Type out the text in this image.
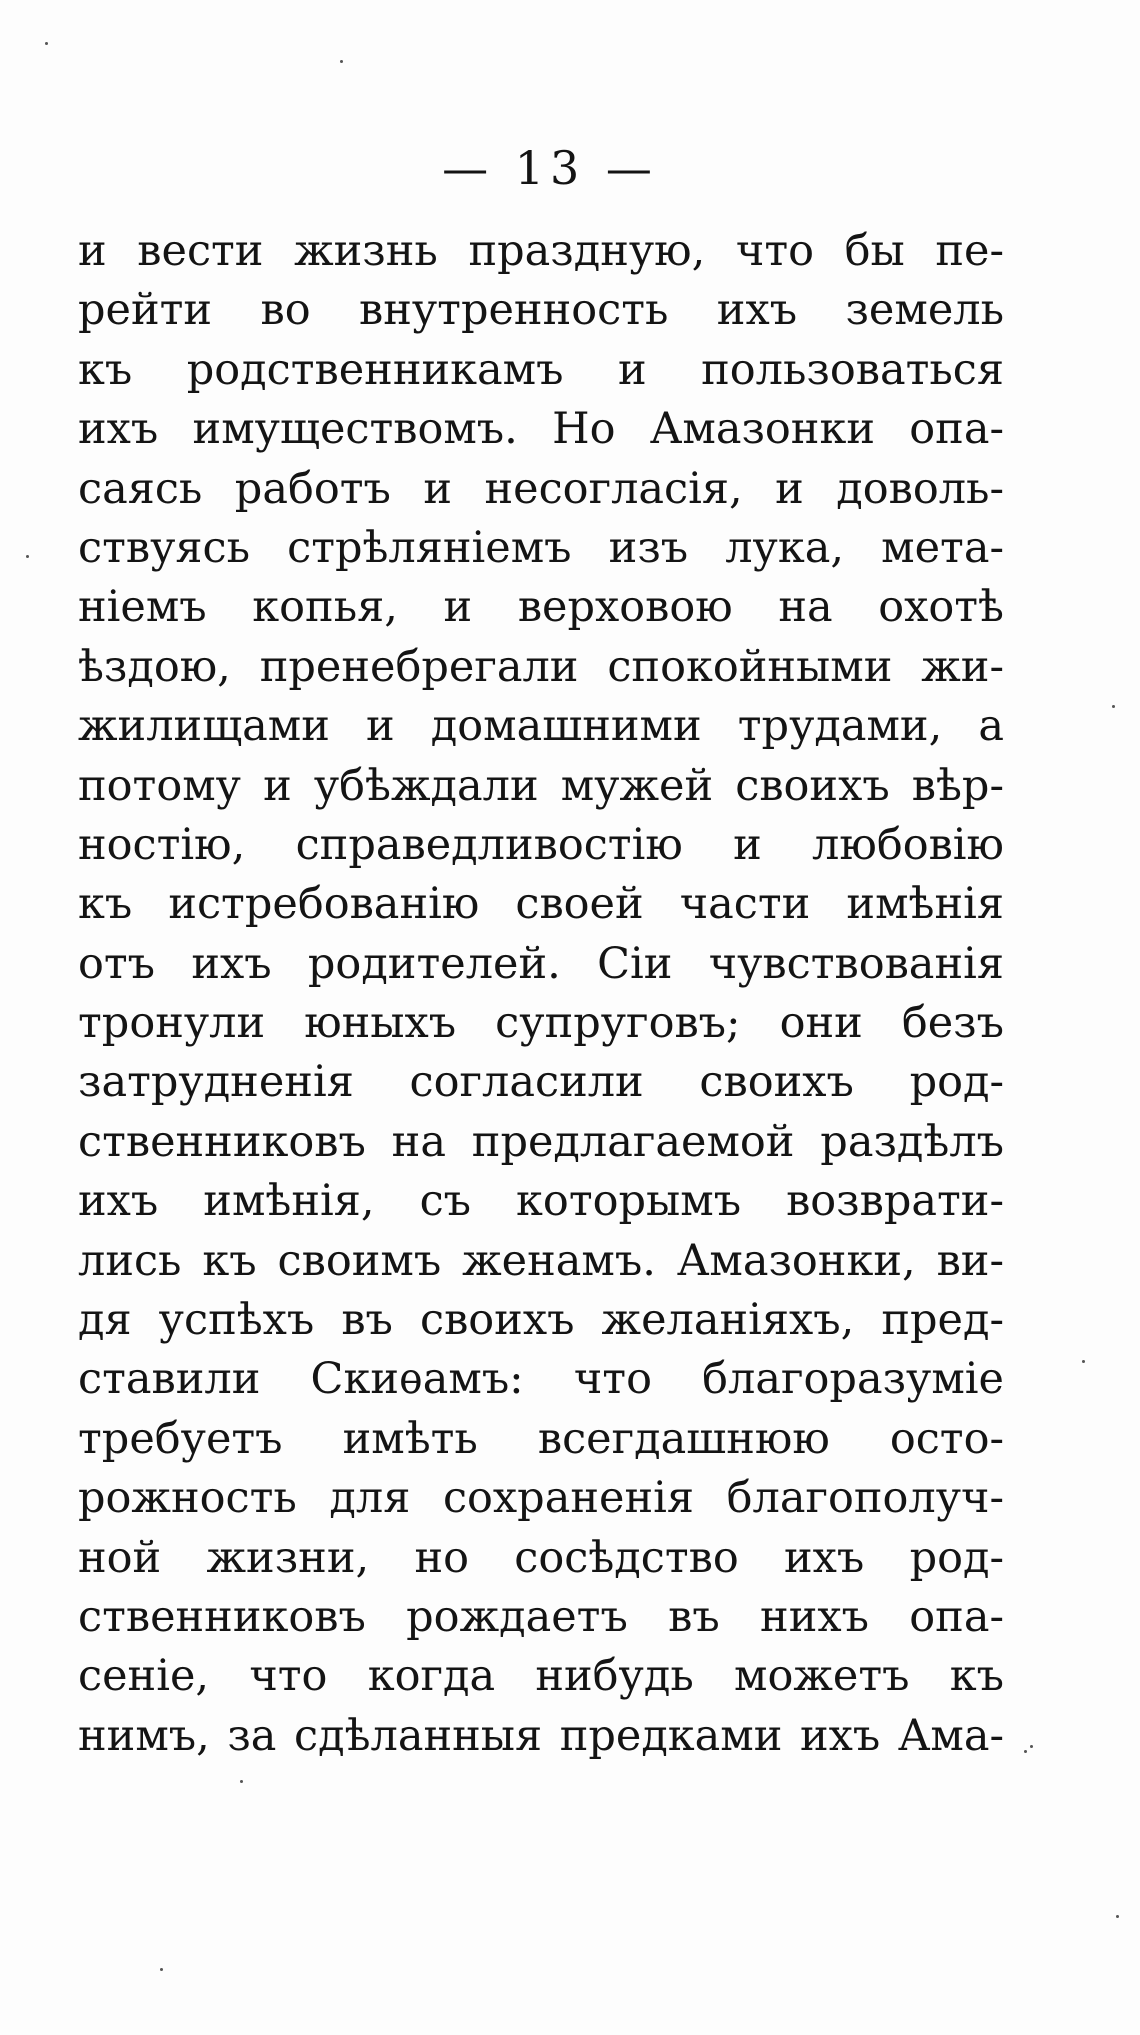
— 13 —
и вести жизнь праздную, что бы пе-
рейти во внутренность ихъ земель
къ родственникамъ и пользоваться
ихъ имуществомъ. Но Амазонки опа-
саясь работъ и несогласія, и доволь-
ствуясь стрѣляніемъ изъ лука, мета-
ніемъ копья, и верховою на охотѣ
ѣздою, пренебрегали спокойными жи-
жилищами и домашними трудами, а
потому и убѣждали мужей своихъ вѣр-
ностію, справедливостію и любовію
къ истребованію своей части имѣнія
отъ ихъ родителей. Сіи чувствованія
тронули юныхъ супруговъ; они безъ
затрудненія согласили своихъ род-
ственниковъ на предлагаемой раздѣлъ
ихъ имѣнія, съ которымъ возврати-
лись къ своимъ женамъ. Амазонки, ви-
дя успѣхъ въ своихъ желаніяхъ, пред-
ставили Скиѳамъ: что благоразуміе
требуетъ имѣть всегдашнюю осто-
рожность для сохраненія благополуч-
ной жизни, но сосѣдство ихъ род-
ственниковъ рождаетъ въ нихъ опа-
сеніе, что когда нибудь можетъ къ
нимъ, за сдѣланныя предками ихъ Ама-
